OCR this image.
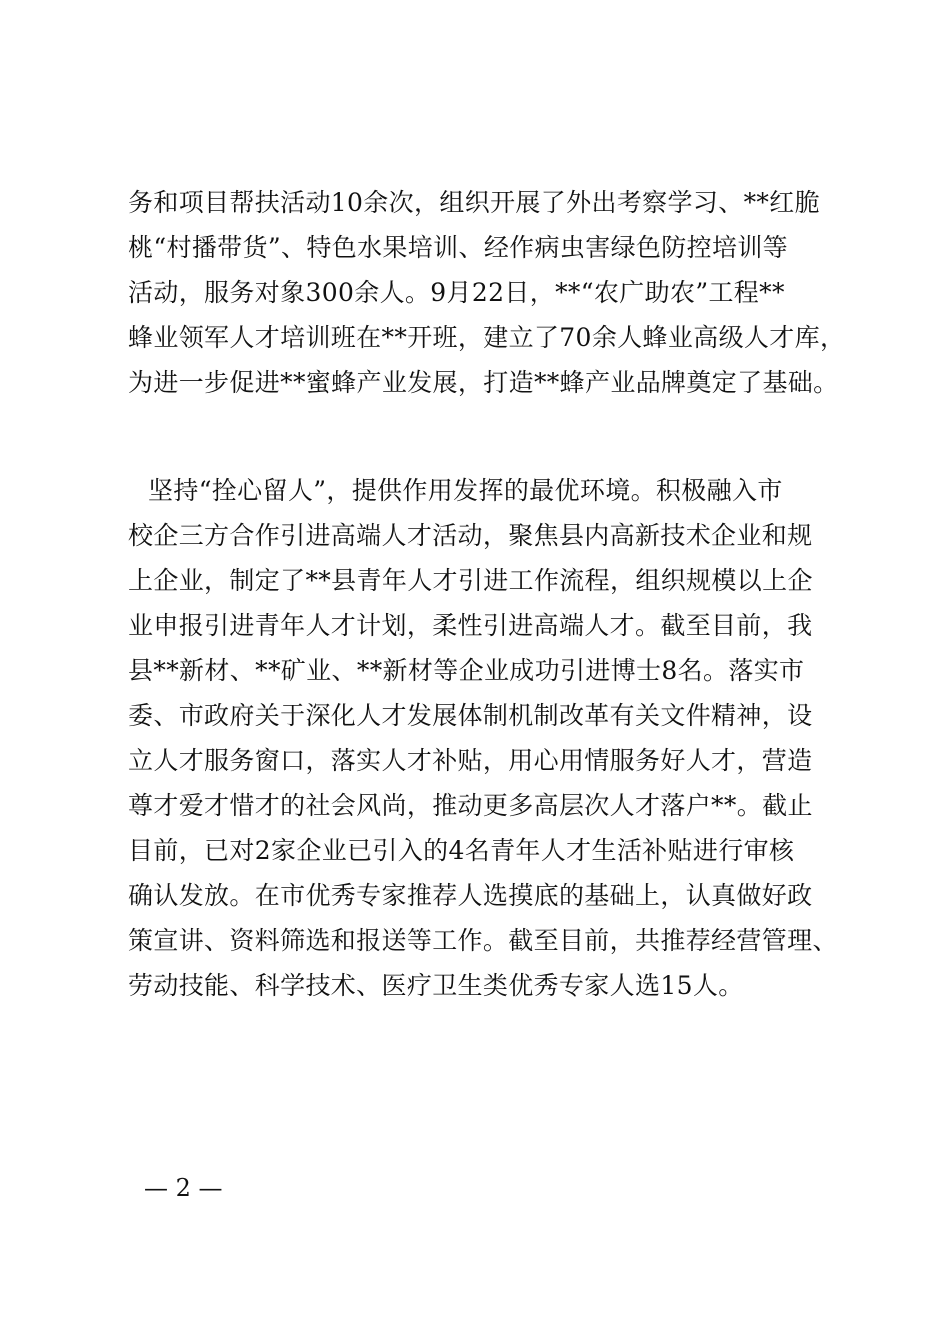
务和项目帮扶活动10余次，组织开展了外出考察学习、**红脆
桃“村播带货”、特色水果培训、经作病虫害绿色防控培训等
活动，服务对象300余人。9月22日，**“农广助农”工程**
蜂业领军人才培训班在**开班，建立了70余人蜂业高级人才库，
为进一步促进**蜜蜂产业发展，打造**蜂产业品牌奠定了基础。
坚持“拴心留人”，提供作用发挥的最优环境。积极融入市
校企三方合作引进高端人才活动，聚焦县内高新技术企业和规
上企业，制定了**县青年人才引进工作流程，组织规模以上企
业申报引进青年人才计划，柔性引进高端人才。截至目前，我
县**新材、**矿业、**新材等企业成功引进博士8名。落实市
委、市政府关于深化人才发展体制机制改革有关文件精神，设
立人才服务窗口，落实人才补贴，用心用情服务好人才，营造
尊才爱才惜才的社会风尚，推动更多高层次人才落户**。截止
目前，已对2家企业已引入的4名青年人才生活补贴进行审核
确认发放。在市优秀专家推荐人选摸底的基础上，认真做好政
策宣讲、资料筛选和报送等工作。截至目前，共推荐经营管理、
劳动技能、科学技术、医疗卫生类优秀专家人选15人。
— 2 —
